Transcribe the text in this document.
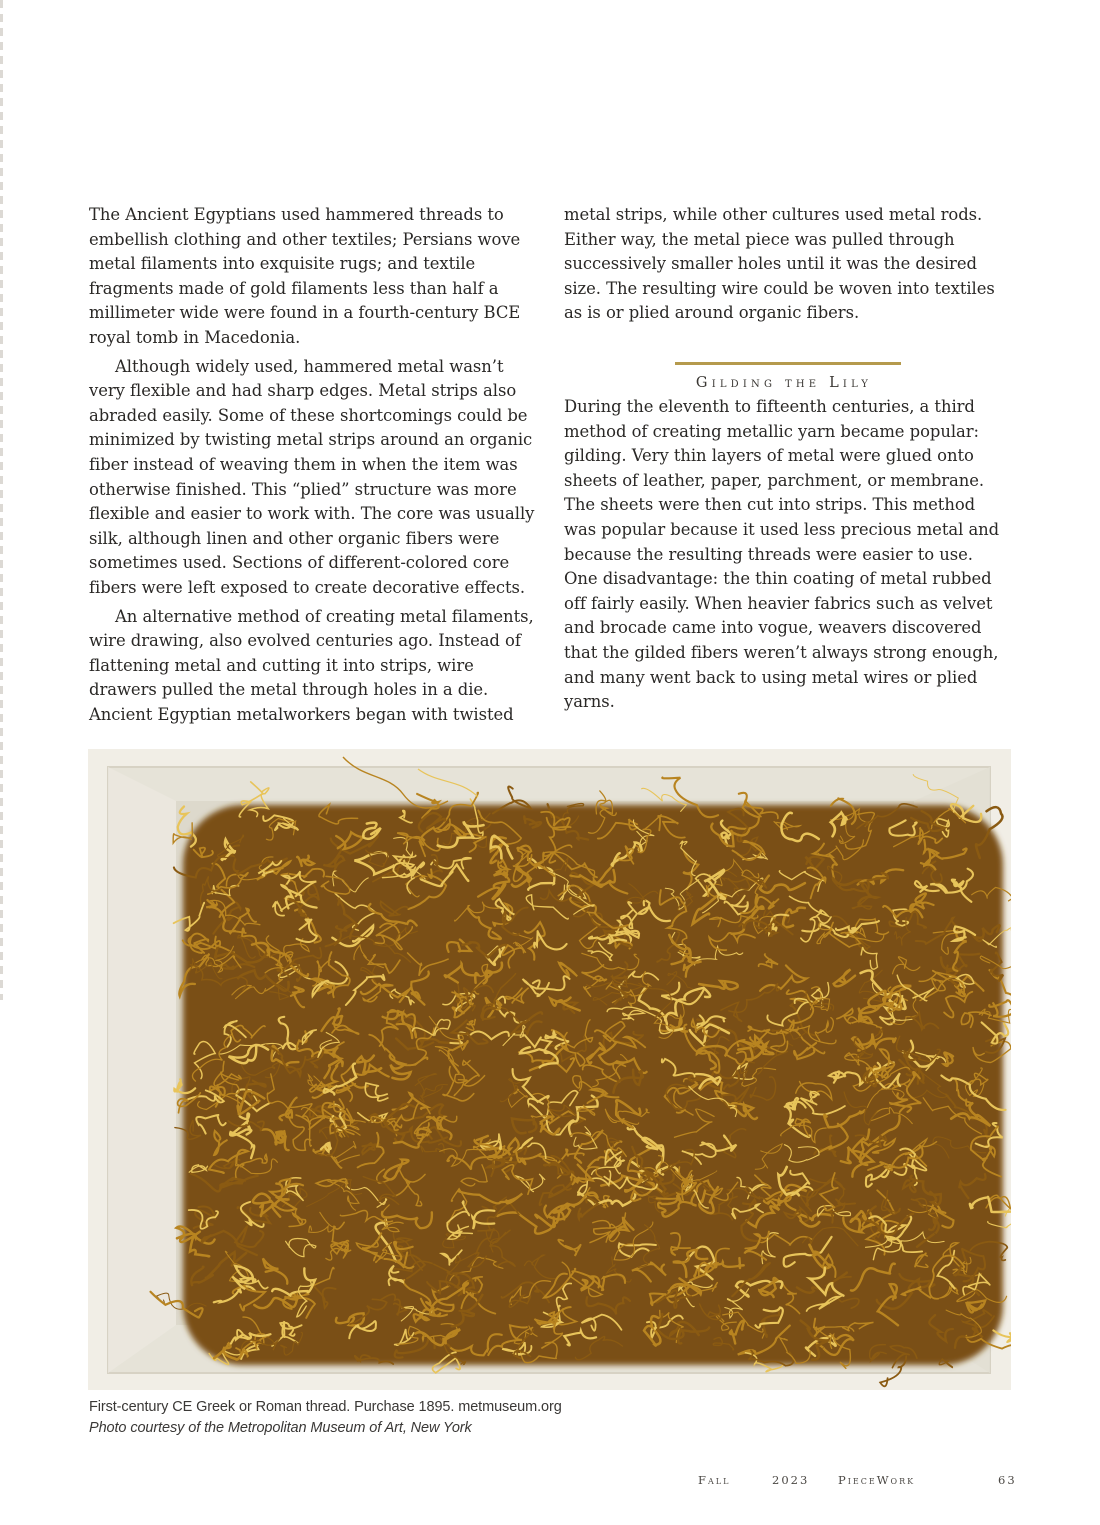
The Ancient Egyptians used hammered threads to embellish clothing and other textiles; Persians wove metal filaments into exquisite rugs; and textile fragments made of gold filaments less than half a millimeter wide were found in a fourth-century BCE royal tomb in Macedonia.

Although widely used, hammered metal wasn’t very flexible and had sharp edges. Metal strips also abraded easily. Some of these shortcomings could be minimized by twisting metal strips around an organic fiber instead of weaving them in when the item was otherwise finished. This “plied” structure was more flexible and easier to work with. The core was usually silk, although linen and other organic fibers were sometimes used. Sections of different-colored core fibers were left exposed to create decorative effects.

An alternative method of creating metal filaments, wire drawing, also evolved centuries ago. Instead of flattening metal and cutting it into strips, wire drawers pulled the metal through holes in a die. Ancient Egyptian metalworkers began with twisted

metal strips, while other cultures used metal rods. Either way, the metal piece was pulled through successively smaller holes until it was the desired size. The resulting wire could be woven into textiles as is or plied around organic fibers.

Gilding the Lily

During the eleventh to fifteenth centuries, a third method of creating metallic yarn became popular: gilding. Very thin layers of metal were glued onto sheets of leather, paper, parchment, or membrane. The sheets were then cut into strips. This method was popular because it used less precious metal and because the resulting threads were easier to use. One disadvantage: the thin coating of metal rubbed off fairly easily. When heavier fabrics such as velvet and brocade came into vogue, weavers discovered that the gilded fibers weren’t always strong enough, and many went back to using metal wires or plied yarns.

First-century CE Greek or Roman thread. Purchase 1895. metmuseum.org
Photo courtesy of the Metropolitan Museum of Art, New York
Fall	2023 PieceWork	63
